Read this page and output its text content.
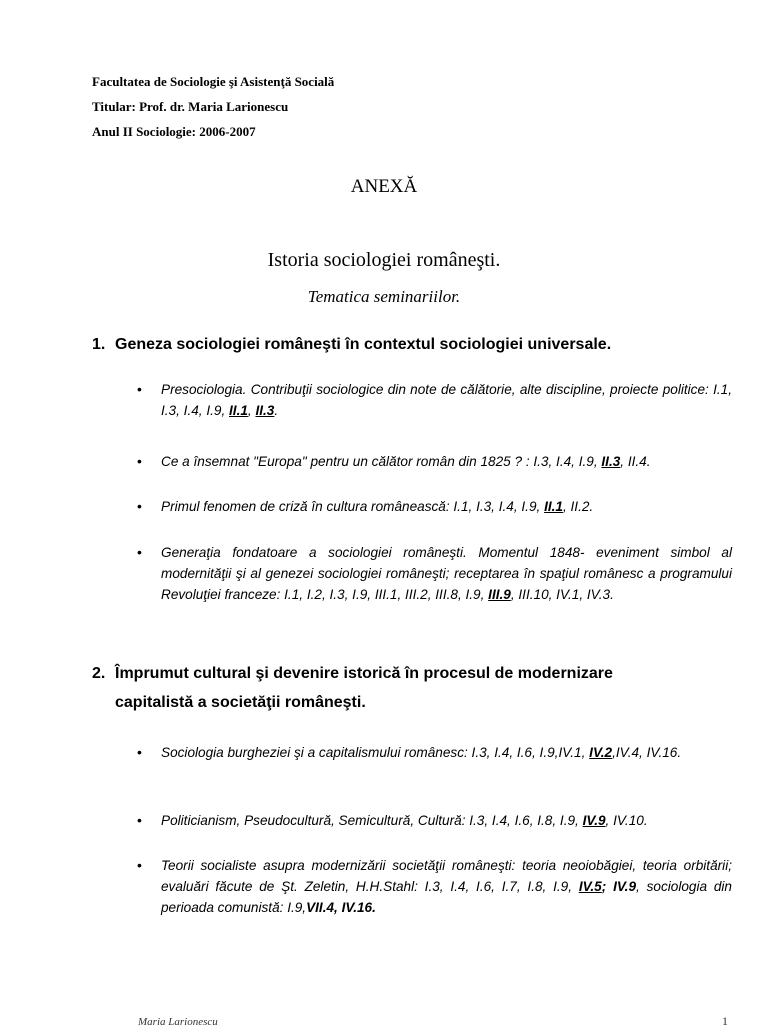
Facultatea de Sociologie şi Asistenţă Socială
Titular: Prof. dr. Maria Larionescu
Anul II Sociologie: 2006-2007
ANEXĂ
Istoria sociologiei româneşti.
Tematica seminariilor.
1. Geneza sociologiei româneşti în contextul sociologiei universale.
• Presociologia. Contribuţii sociologice din note de călătorie, alte discipline, proiecte politice: I.1, I.3, I.4, I.9, II.1, II.3.
• Ce a însemnat "Europa" pentru un călător român din 1825 ? : I.3, I.4, I.9, II.3, II.4.
• Primul fenomen de criză în cultura românească: I.1, I.3, I.4, I.9, II.1, II.2.
• Generaţia fondatoare a sociologiei româneşti. Momentul 1848- eveniment simbol al modernităţii şi al genezei sociologiei româneşti; receptarea în spaţiul românesc a programului Revoluţiei franceze: I.1, I.2, I.3, I.9, III.1, III.2, III.8, I.9, III.9, III.10, IV.1, IV.3.
2. Împrumut cultural şi devenire istorică în procesul de modernizare
capitalistă a societăţii româneşti.
• Sociologia burgheziei şi a capitalismului românesc: I.3, I.4, I.6, I.9,IV.1, IV.2,IV.4, IV.16.
• Politicianism, Pseudocultură, Semicultură, Cultură: I.3, I.4, I.6, I.8, I.9, IV.9, IV.10.
• Teorii socialiste asupra modernizării societăţii româneşti: teoria neoiobăgiei, teoria orbitării; evaluări făcute de Şt. Zeletin, H.H.Stahl: I.3, I.4, I.6, I.7, I.8, I.9, IV.5; IV.9, sociologia din perioada comunistă: I.9,VII.4, IV.16.
Maria Larionescu	1
